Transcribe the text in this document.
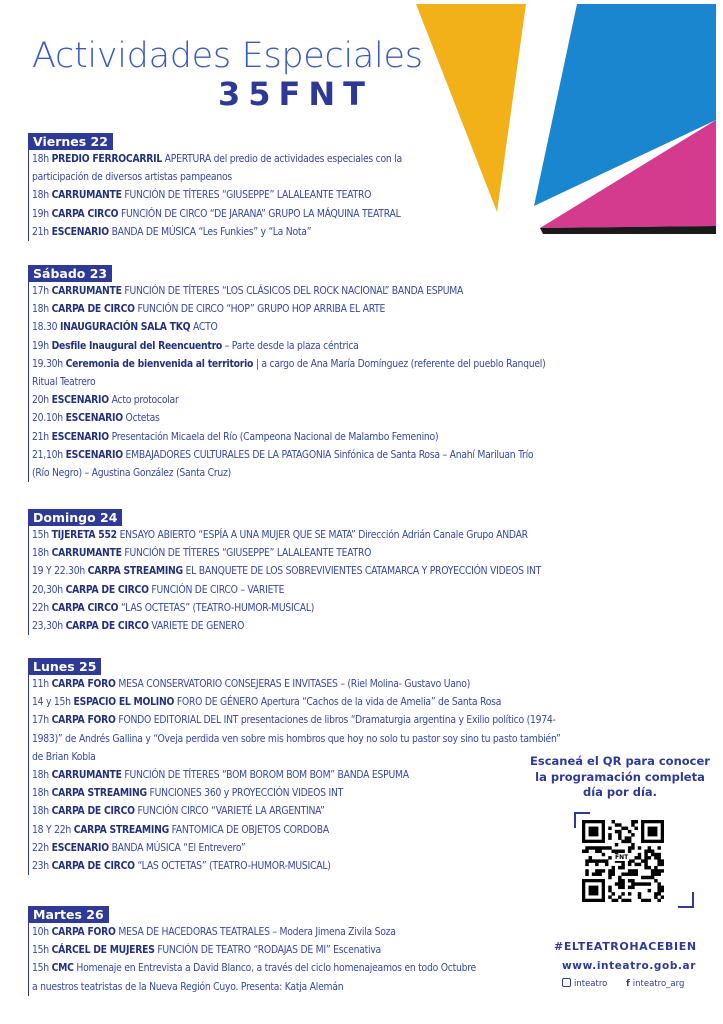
Actividades Especiales
35FNT
Viernes 22
18h PREDIO FERROCARRIL APERTURA del predio de actividades especiales con la
participación de diversos artistas pampeanos
18h CARRUMANTE FUNCIÓN DE TÍTERES “GIUSEPPE” LALALEANTE TEATRO
19h CARPA CIRCO FUNCIÓN DE CIRCO “DE JARANA” GRUPO LA MÁQUINA TEATRAL
21h ESCENARIO BANDA DE MÚSICA “Les Funkies” y “La Nota”
Sábado 23
17h CARRUMANTE FUNCIÓN DE TÍTERES “LOS CLÁSICOS DEL ROCK NACIONAL” BANDA ESPUMA
18h CARPA DE CIRCO FUNCIÓN DE CIRCO “HOP” GRUPO HOP ARRIBA EL ARTE
18.30 INAUGURACIÓN SALA TKQ ACTO
19h Desfile Inaugural del Reencuentro – Parte desde la plaza céntrica
19.30h Ceremonia de bienvenida al territorio | a cargo de Ana María Domínguez (referente del pueblo Ranquel)
Ritual Teatrero
20h ESCENARIO Acto protocolar
20.10h ESCENARIO Octetas
21h ESCENARIO Presentación Micaela del Río (Campeona Nacional de Malambo Femenino)
21,10h ESCENARIO EMBAJADORES CULTURALES DE LA PATAGONIA Sinfónica de Santa Rosa – Anahí Mariluan Trío
(Río Negro) – Agustina González (Santa Cruz)
Domingo 24
15h TIJERETA 552 ENSAYO ABIERTO “ESPÍA A UNA MUJER QUE SE MATA” Dirección Adrián Canale Grupo ANDAR
18h CARRUMANTE FUNCIÓN DE TÍTERES “GIUSEPPE” LALALEANTE TEATRO
19 Y 22.30h CARPA STREAMING EL BANQUETE DE LOS SOBREVIVIENTES CATAMARCA Y PROYECCIÓN VIDEOS INT
20,30h CARPA DE CIRCO FUNCIÓN DE CIRCO – VARIETE
22h CARPA CIRCO “LAS OCTETAS” (TEATRO-HUMOR-MUSICAL)
23,30h CARPA DE CIRCO VARIETE DE GENERO
Lunes 25
11h CARPA FORO MESA CONSERVATORIO CONSEJERAS E INVITASES – (Riel Molina- Gustavo Uano)
14 y 15h ESPACIO EL MOLINO FORO DE GÉNERO Apertura “Cachos de la vida de Amelia” de Santa Rosa
17h CARPA FORO FONDO EDITORIAL DEL INT presentaciones de libros “Dramaturgia argentina y Exilio político (1974-
1983)” de Andrés Gallina y “Oveja perdida ven sobre mis hombros que hoy no solo tu pastor soy sino tu pasto también”
de Brian Kobla
18h CARRUMANTE FUNCIÓN DE TÍTERES “BOM BOROM BOM BOM” BANDA ESPUMA
18h CARPA STREAMING FUNCIONES 360 y PROYECCIÓN VIDEOS INT
18h CARPA DE CIRCO FUNCIÓN CIRCO “VARIETÉ LA ARGENTINA”
18 Y 22h CARPA STREAMING FANTOMICA DE OBJETOS CORDOBA
22h ESCENARIO BANDA MÚSICA “El Entrevero”
23h CARPA DE CIRCO “LAS OCTETAS” (TEATRO-HUMOR-MUSICAL)
Martes 26
10h CARPA FORO MESA DE HACEDORAS TEATRALES – Modera Jimena Zivila Soza
15h CÁRCEL DE MUJERES FUNCIÓN DE TEATRO “RODAJAS DE MI” Escenativa
15h CMC Homenaje en Entrevista a David Blanco, a través del ciclo homenajeamos en todo Octubre
a nuestros teatristas de la Nueva Región Cuyo. Presenta: Katja Alemán
Escaneá el QR para conocer
la programación completa
día por día.
FNT
#ELTEATROHACEBIEN
www.inteatro.gob.ar
inteatro f inteatro_arg
